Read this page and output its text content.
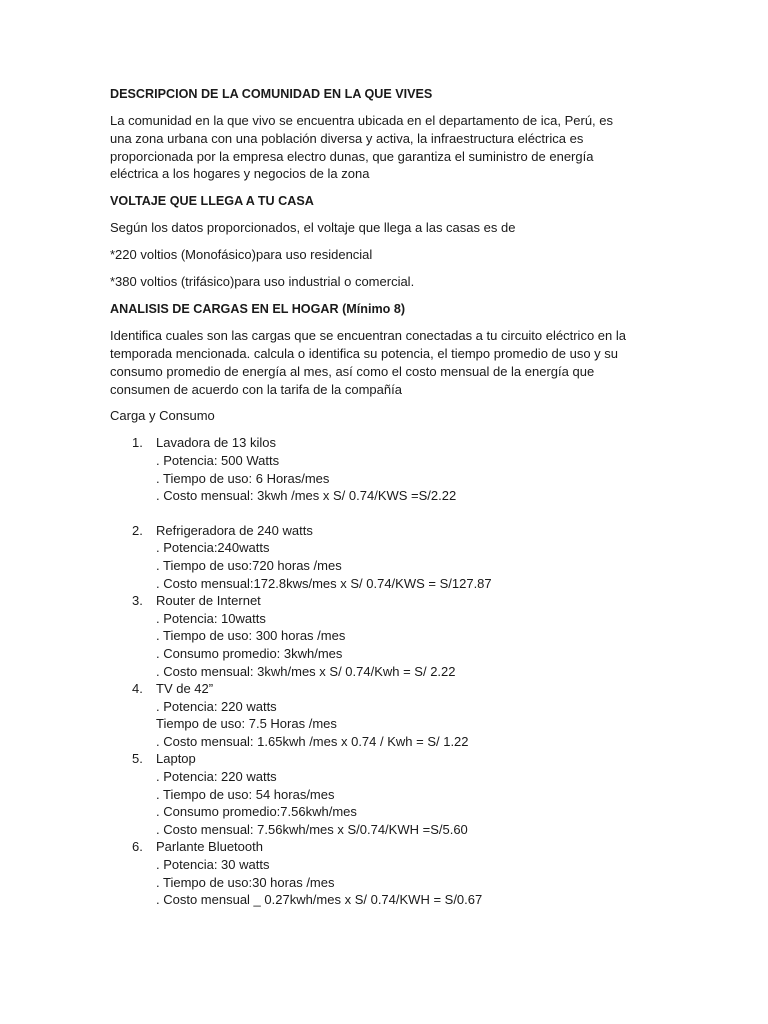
DESCRIPCION DE LA COMUNIDAD EN LA QUE VIVES
La comunidad en la que vivo se encuentra ubicada en el departamento de ica, Perú, es
una zona urbana con una población diversa y activa, la infraestructura eléctrica es
proporcionada por la empresa electro dunas, que garantiza el suministro de energía
eléctrica a los hogares y negocios de la zona
VOLTAJE QUE LLEGA A TU CASA
Según los datos proporcionados, el voltaje que llega a las casas es de
*220 voltios (Monofásico)para uso residencial
*380 voltios (trifásico)para uso industrial o comercial.
ANALISIS DE CARGAS EN EL HOGAR (Mínimo 8)
Identifica cuales son las cargas que se encuentran conectadas a tu circuito eléctrico en la
temporada mencionada. calcula o identifica su potencia, el tiempo promedio de uso y su
consumo promedio de energía al mes, así como el costo mensual de la energía que
consumen de acuerdo con la tarifa de la compañía
Carga y Consumo
1. Lavadora de 13 kilos
. Potencia: 500 Watts
. Tiempo de uso: 6 Horas/mes
. Costo mensual: 3kwh /mes x S/ 0.74/KWS =S/2.22
2. Refrigeradora de 240 watts
. Potencia:240watts
. Tiempo de uso:720 horas /mes
. Costo mensual:172.8kws/mes x S/ 0.74/KWS = S/127.87
3. Router de Internet
. Potencia: 10watts
. Tiempo de uso: 300 horas /mes
. Consumo promedio: 3kwh/mes
. Costo mensual: 3kwh/mes x S/ 0.74/Kwh = S/ 2.22
4. TV de 42”
. Potencia: 220 watts
Tiempo de uso: 7.5 Horas /mes
. Costo mensual: 1.65kwh /mes x 0.74 / Kwh = S/ 1.22
5. Laptop
. Potencia: 220 watts
. Tiempo de uso: 54 horas/mes
. Consumo promedio:7.56kwh/mes
. Costo mensual: 7.56kwh/mes x S/0.74/KWH =S/5.60
6. Parlante Bluetooth
. Potencia: 30 watts
. Tiempo de uso:30 horas /mes
. Costo mensual _ 0.27kwh/mes x S/ 0.74/KWH = S/0.67
